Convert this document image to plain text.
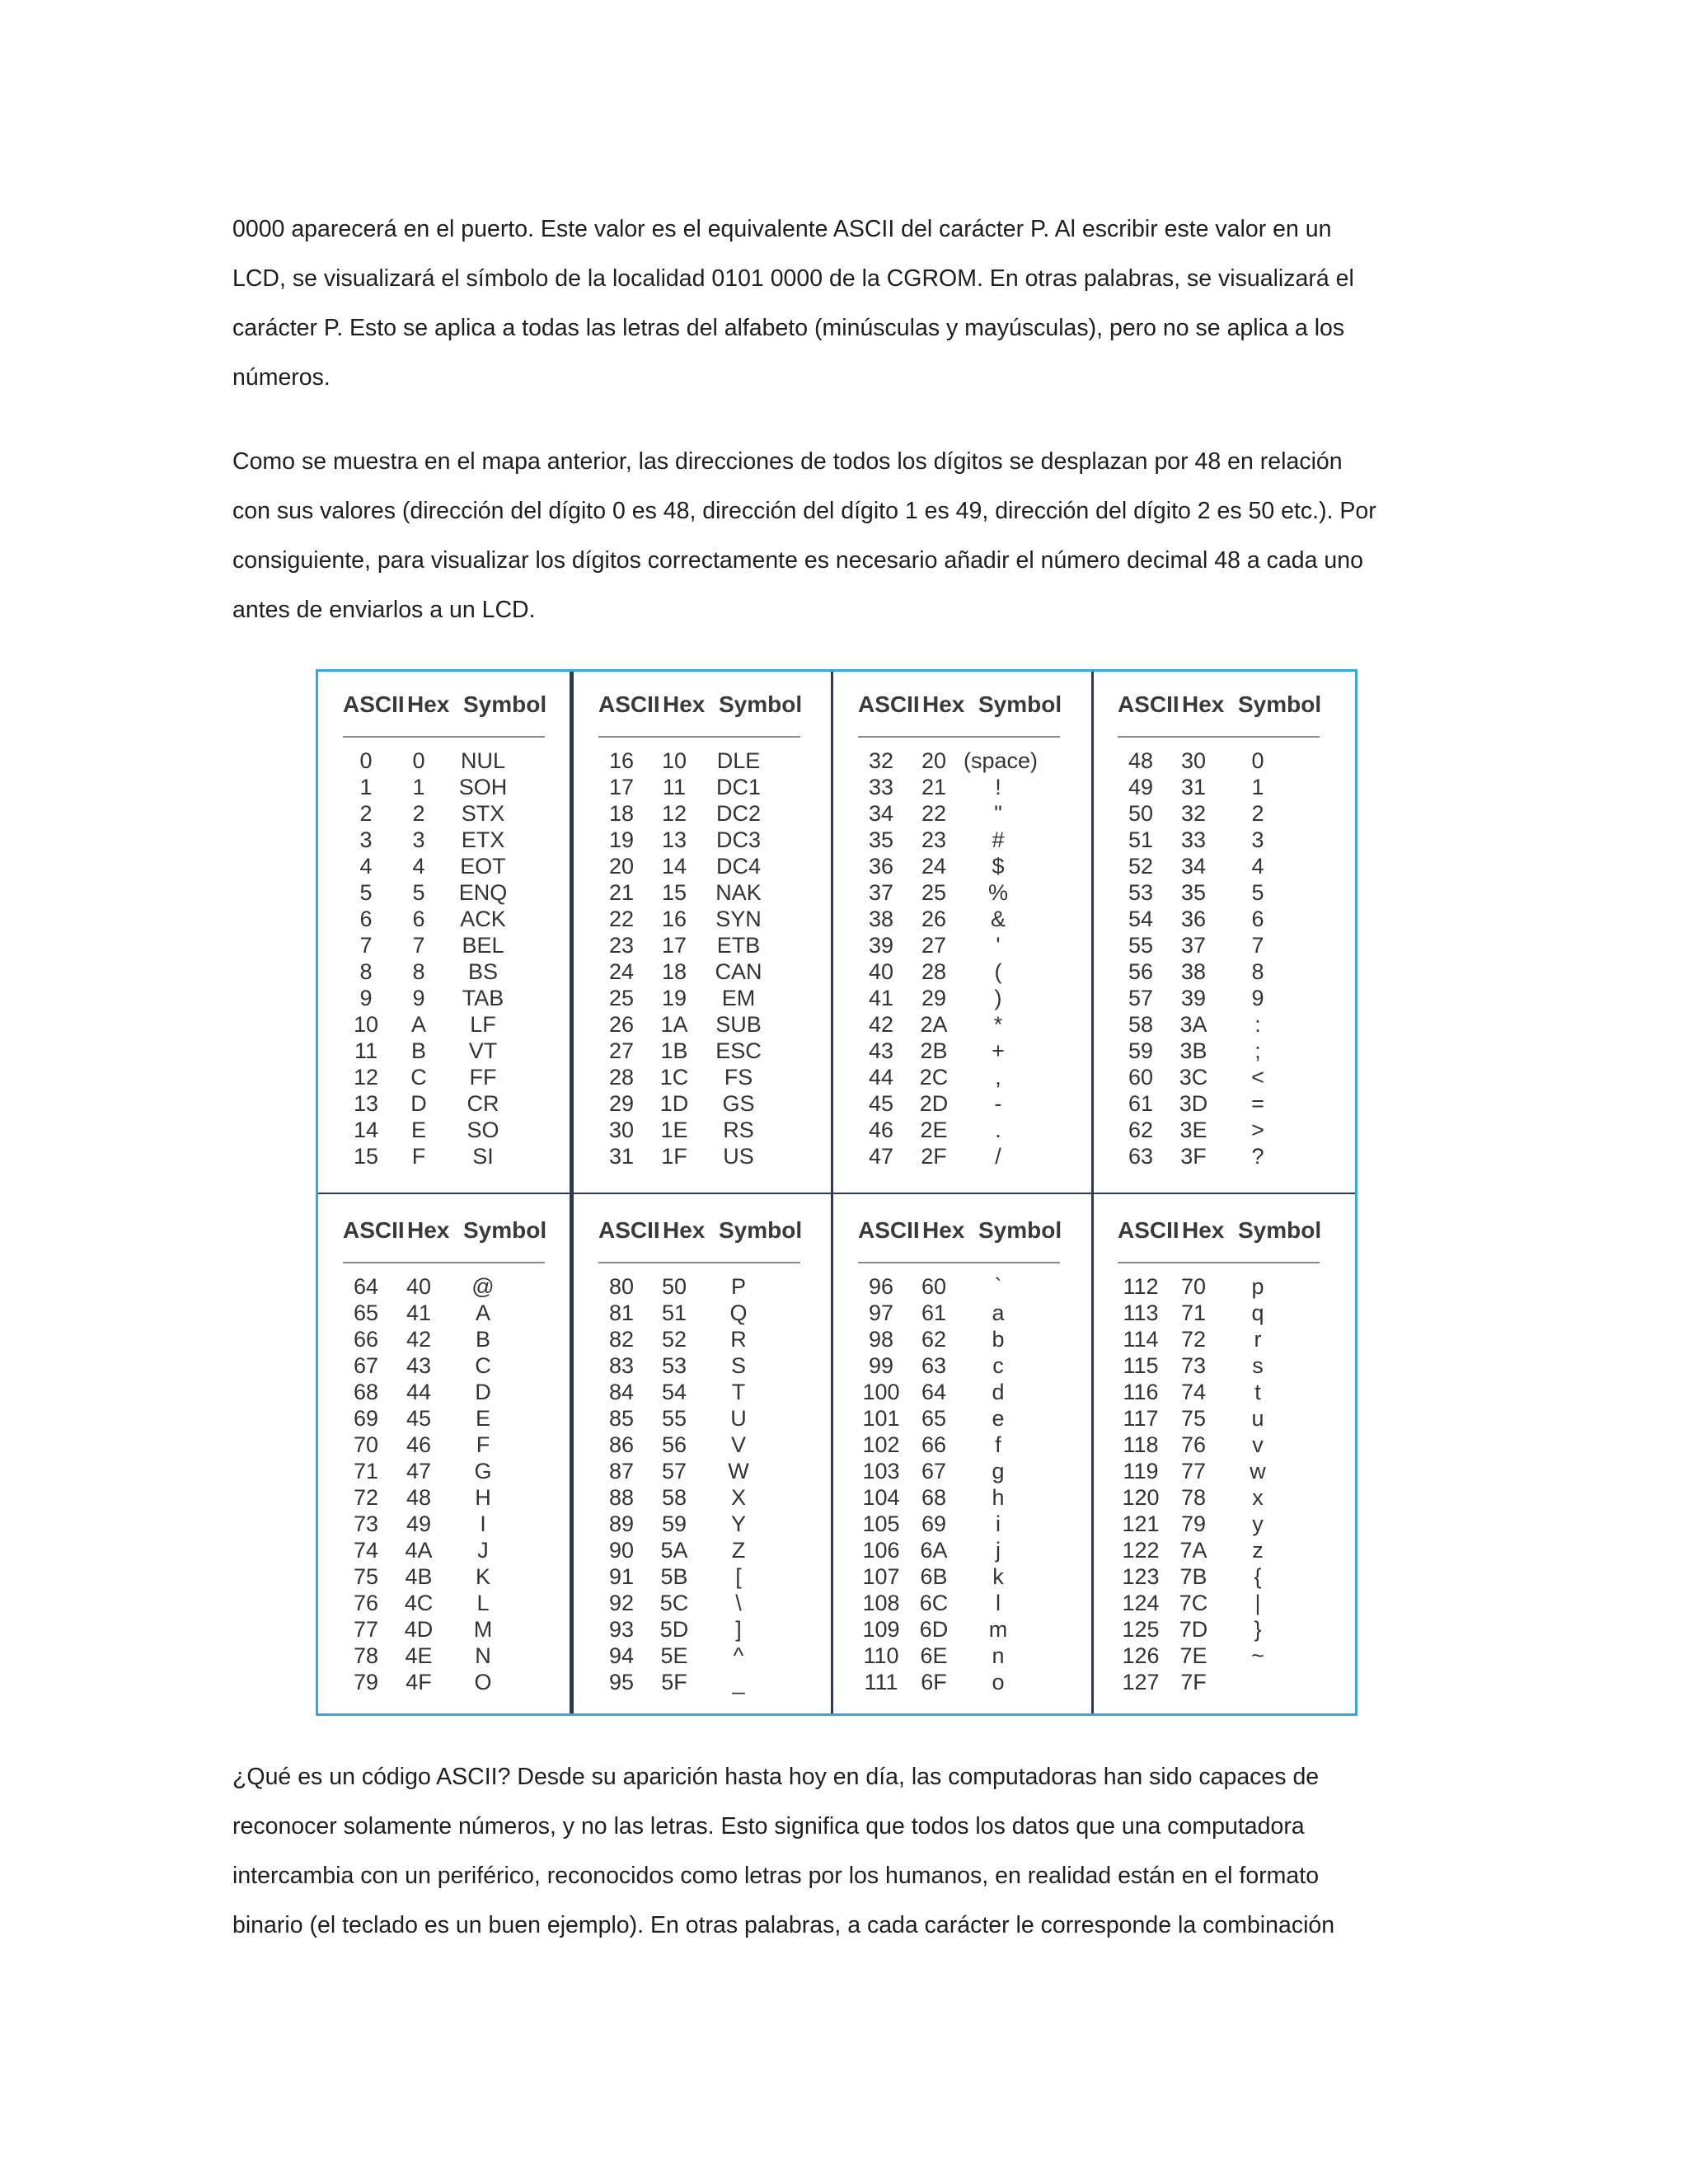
0000 aparecerá en el puerto. Este valor es el equivalente ASCII del carácter P. Al escribir este valor en un
LCD, se visualizará el símbolo de la localidad 0101 0000 de la CGROM. En otras palabras, se visualizará el
carácter P. Esto se aplica a todas las letras del alfabeto (minúsculas y mayúsculas), pero no se aplica a los
números.
Como se muestra en el mapa anterior, las direcciones de todos los dígitos se desplazan por 48 en relación
con sus valores (dirección del dígito 0 es 48, dirección del dígito 1 es 49, dirección del dígito 2 es 50 etc.). Por
consiguiente, para visualizar los dígitos correctamente es necesario añadir el número decimal 48 a cada uno
antes de enviarlos a un LCD.
ASCII Hex Symbol
0	0	NUL
1	1	SOH
2	2	STX
3	3	ETX
4	4	EOT
5	5	ENQ
6	6	ACK
7	7	BEL
8	8	BS
9	9	TAB
10	A	LF
11	B	VT
12	C	FF
13	D	CR
14	E	SO
15	F	SI
ASCII Hex Symbol
16	10	DLE
17	11	DC1
18	12	DC2
19	13	DC3
20	14	DC4
21	15	NAK
22	16	SYN
23	17	ETB
24	18	CAN
25	19	EM
26	1A	SUB
27	1B	ESC
28	1C	FS
29	1D	GS
30	1E	RS
31	1F	US
ASCII Hex Symbol
32	20 (space)
33	21	!
34	22	"
35	23	#
36	24	$
37	25	%
38	26	&
39	27	'
40	28	(
41	29	)
42	2A	*
43	2B	+
44	2C	,
45	2D	-
46	2E	.
47	2F	/
ASCII Hex Symbol
48	30	0
49	31	1
50	32	2
51	33	3
52	34	4
53	35	5
54	36	6
55	37	7
56	38	8
57	39	9
58	3A	:
59	3B	;
60	3C	<
61	3D	=
62	3E	>
63	3F	?
ASCII Hex Symbol
64	40	@
65	41	A
66	42	B
67	43	C
68	44	D
69	45	E
70	46	F
71	47	G
72	48	H
73	49	I
74	4A	J
75	4B	K
76	4C	L
77	4D	M
78	4E	N
79	4F	O
ASCII Hex Symbol
80	50	P
81	51	Q
82	52	R
83	53	S
84	54	T
85	55	U
86	56	V
87	57	W
88	58	X
89	59	Y
90	5A	Z
91	5B	[
92	5C	\
93	5D	]
94	5E	^
95	5F	_
ASCII Hex Symbol
96	60	`
97	61	a
98	62	b
99	63	c
100 64	d
101 65	e
102 66	f
103 67	g
104 68	h
105 69	i
106 6A	j
107 6B	k
108 6C	l
109 6D	m
110 6E	n
111	6F	o
ASCII Hex Symbol
112	70	p
113	71	q
114	72	r
115	73	s
116	74	t
117	75	u
118	76	v
119	77	w
120 78	x
121 79	y
122 7A	z
123 7B	{
124 7C	|
125 7D	}
126 7E	~
127 7F
¿Qué es un código ASCII? Desde su aparición hasta hoy en día, las computadoras han sido capaces de
reconocer solamente números, y no las letras. Esto significa que todos los datos que una computadora
intercambia con un periférico, reconocidos como letras por los humanos, en realidad están en el formato
binario (el teclado es un buen ejemplo). En otras palabras, a cada carácter le corresponde la combinación
